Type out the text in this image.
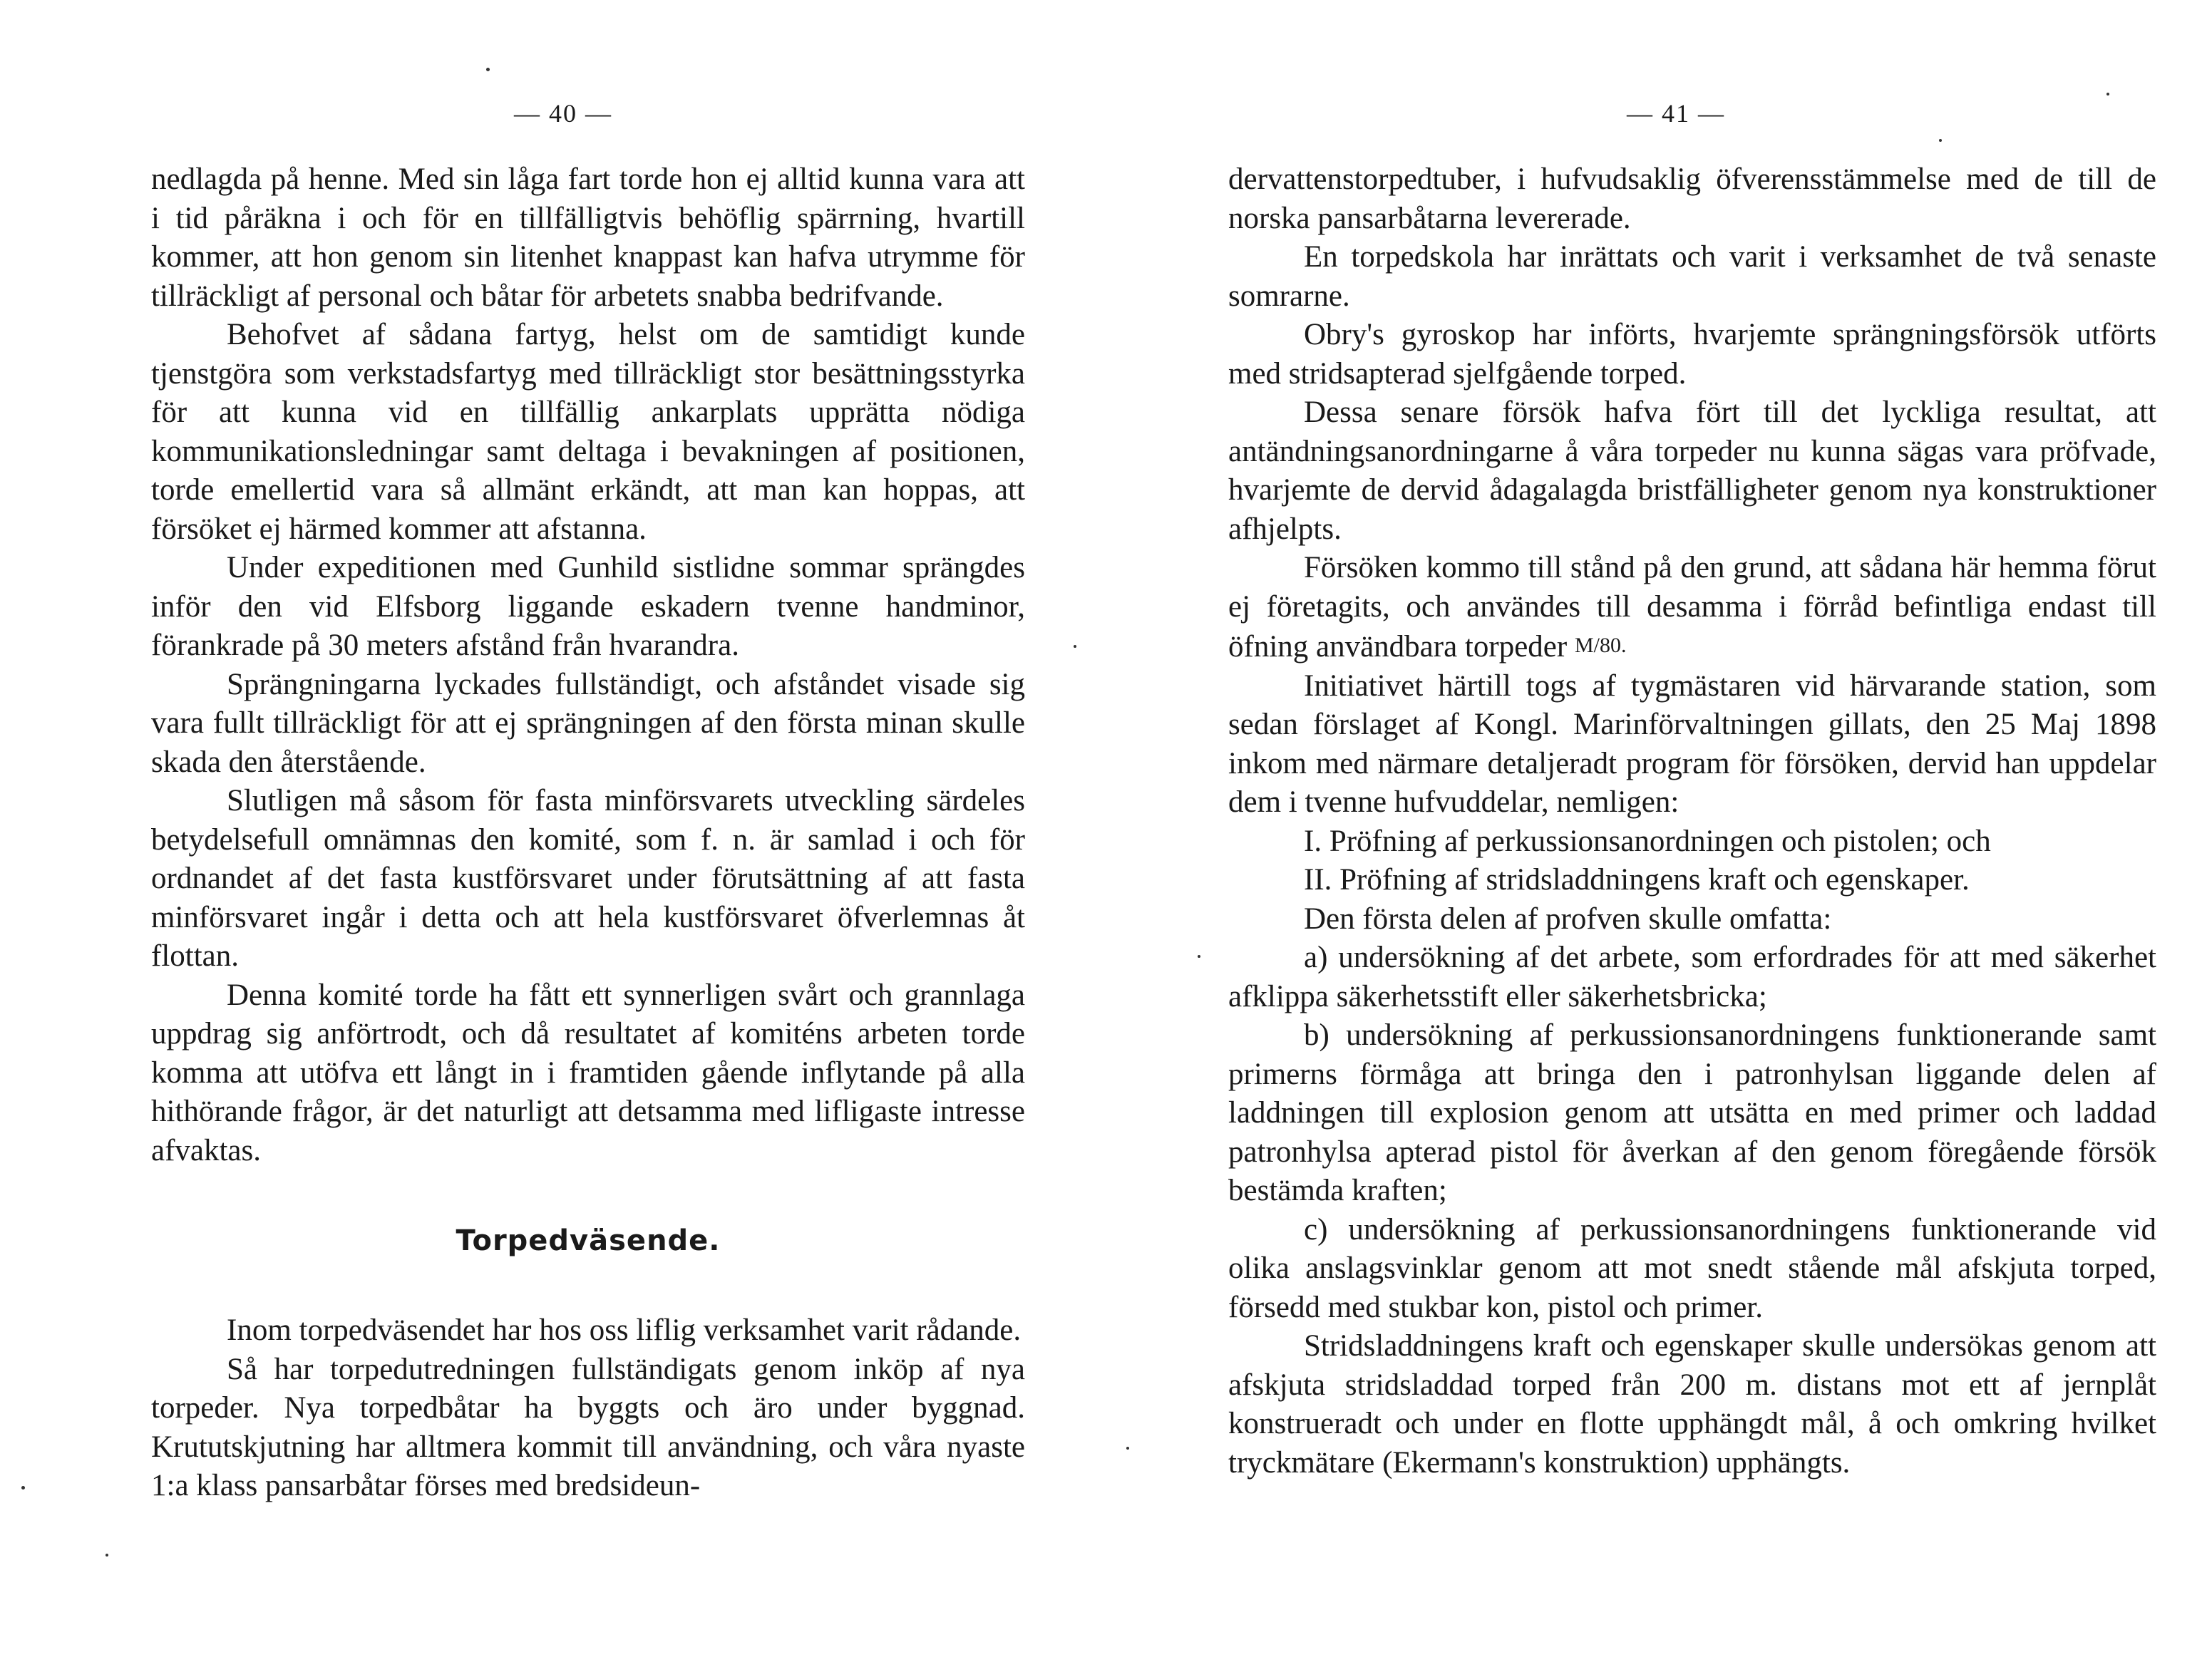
— 40 —

nedlagda på henne. Med sin låga fart torde hon ej alltid kunna vara att i tid påräkna i och för en tillfälligtvis behöflig spärrning, hvartill kommer, att hon genom sin litenhet knappast kan hafva utrymme för tillräckligt af personal och båtar för arbetets snabba bedrifvande.

Behofvet af sådana fartyg, helst om de samtidigt kunde tjenstgöra som verkstadsfartyg med tillräckligt stor besättningsstyrka för att kunna vid en tillfällig ankarplats upprätta nödiga kommunikationsledningar samt deltaga i bevakningen af positionen, torde emellertid vara så allmänt erkändt, att man kan hoppas, att försöket ej härmed kommer att afstanna.

Under expeditionen med Gunhild sistlidne sommar sprängdes inför den vid Elfsborg liggande eskadern tvenne handminor, förankrade på 30 meters afstånd från hvarandra.

Sprängningarna lyckades fullständigt, och afståndet visade sig vara fullt tillräckligt för att ej sprängningen af den första minan skulle skada den återstående.

Slutligen må såsom för fasta minförsvarets utveckling särdeles betydelsefull omnämnas den komité, som f. n. är samlad i och för ordnandet af det fasta kustförsvaret under förutsättning af att fasta minförsvaret ingår i detta och att hela kustförsvaret öfverlemnas åt flottan.

Denna komité torde ha fått ett synnerligen svårt och grannlaga uppdrag sig anförtrodt, och då resultatet af komiténs arbeten torde komma att utöfva ett långt in i framtiden gående inflytande på alla hithörande frågor, är det naturligt att detsamma med lifligaste intresse afvaktas.

Torpedväsende.

Inom torpedväsendet har hos oss liflig verksamhet varit rådande.

Så har torpedutredningen fullständigats genom inköp af nya torpeder. Nya torpedbåtar ha byggts och äro under byggnad. Krututskjutning har alltmera kommit till användning, och våra nyaste 1:a klass pansarbåtar förses med bredsideun-

— 41 —

dervattenstorpedtuber, i hufvudsaklig öfverensstämmelse med de till de norska pansarbåtarna levererade.

En torpedskola har inrättats och varit i verksamhet de två senaste somrarne.

Obry's gyroskop har införts, hvarjemte sprängningsförsök utförts med stridsapterad sjelfgående torped.

Dessa senare försök hafva fört till det lyckliga resultat, att antändningsanordningarne å våra torpeder nu kunna sägas vara pröfvade, hvarjemte de dervid ådagalagda bristfälligheter genom nya konstruktioner afhjelpts.

Försöken kommo till stånd på den grund, att sådana här hemma förut ej företagits, och användes till desamma i förråd befintliga endast till öfning användbara torpeder M/80.

Initiativet härtill togs af tygmästaren vid härvarande station, som sedan förslaget af Kongl. Marinförvaltningen gillats, den 25 Maj 1898 inkom med närmare detaljeradt program för försöken, dervid han uppdelar dem i tvenne hufvuddelar, nemligen:

I. Pröfning af perkussionsanordningen och pistolen; och

II. Pröfning af stridsladdningens kraft och egenskaper.

Den första delen af profven skulle omfatta:

a) undersökning af det arbete, som erfordrades för att med säkerhet afklippa säkerhetsstift eller säkerhetsbricka;

b) undersökning af perkussionsanordningens funktionerande samt primerns förmåga att bringa den i patronhylsan liggande delen af laddningen till explosion genom att utsätta en med primer och laddad patronhylsa apterad pistol för åverkan af den genom föregående försök bestämda kraften;

c) undersökning af perkussionsanordningens funktionerande vid olika anslagsvinklar genom att mot snedt stående mål afskjuta torped, försedd med stukbar kon, pistol och primer.

Stridsladdningens kraft och egenskaper skulle undersökas genom att afskjuta stridsladdad torped från 200 m. distans mot ett af jernplåt konstrueradt och under en flotte upphängdt mål, å och omkring hvilket tryckmätare (Ekermann's konstruktion) upphängts.
